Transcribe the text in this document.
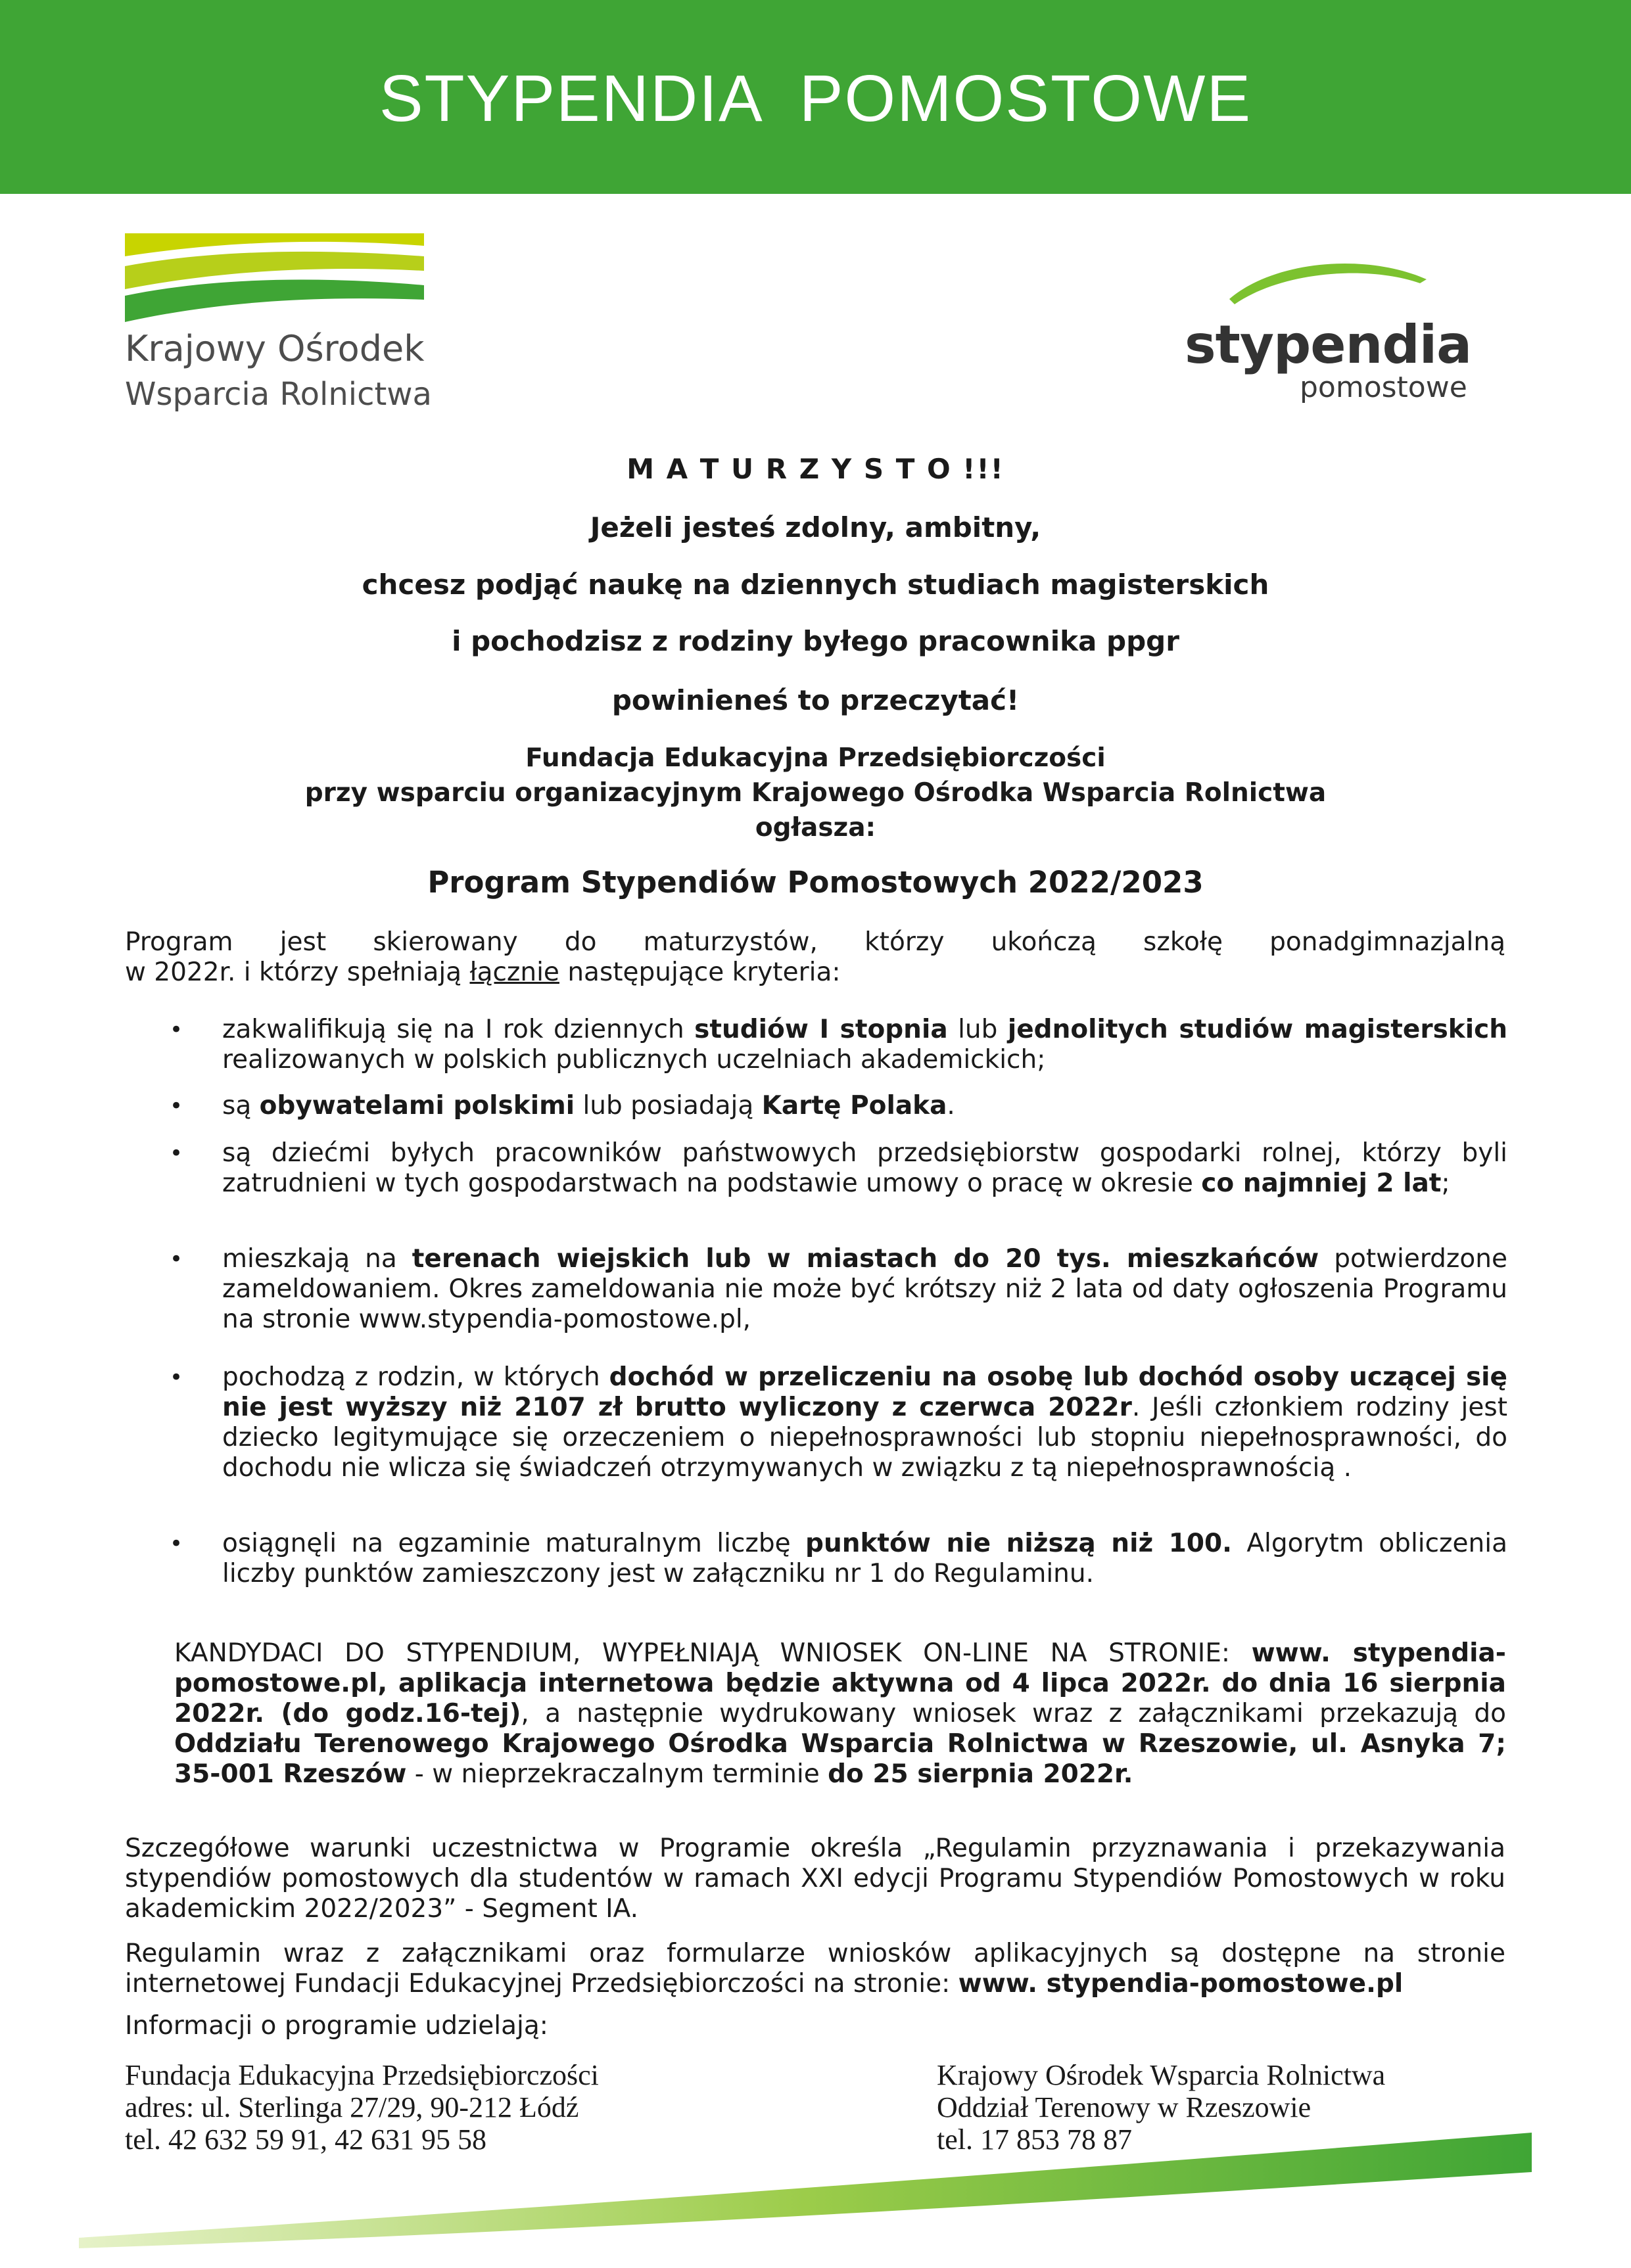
STYPENDIA  POMOSTOWE
Krajowy Ośrodek
Wsparcia Rolnictwa
stypendia
pomostowe
M A T U R Z Y S T O !!!
Jeżeli jesteś zdolny, ambitny,
chcesz podjąć naukę na dziennych studiach magisterskich
i pochodzisz z rodziny byłego pracownika ppgr
powinieneś to przeczytać!
Fundacja Edukacyjna Przedsiębiorczości
przy wsparciu organizacyjnym Krajowego Ośrodka Wsparcia Rolnictwa
ogłasza:
Program Stypendiów Pomostowych 2022/2023
Program jest skierowany do maturzystów, którzy ukończą szkołę ponadgimnazjalną
w 2022r. i którzy spełniają łącznie następujące kryteria:
• zakwalifikują się na I rok dziennych studiów I stopnia lub jednolitych studiów magisterskich realizowanych w polskich publicznych uczelniach akademickich;
• są obywatelami polskimi lub posiadają Kartę Polaka.
• są dziećmi byłych pracowników państwowych przedsiębiorstw gospodarki rolnej, którzy byli zatrudnieni w tych gospodarstwach na podstawie umowy o pracę w okresie co najmniej 2 lat;
• mieszkają na terenach wiejskich lub w miastach do 20 tys. mieszkańców potwierdzone zameldowaniem. Okres zameldowania nie może być krótszy niż 2 lata od daty ogłoszenia Programu na stronie www.stypendia-pomostowe.pl,
• pochodzą z rodzin, w których dochód w przeliczeniu na osobę lub dochód osoby uczącej się nie jest wyższy niż 2107 zł brutto wyliczony z czerwca 2022r. Jeśli członkiem rodziny jest dziecko legitymujące się orzeczeniem o niepełnosprawności lub stopniu niepełnosprawności, do dochodu nie wlicza się świadczeń otrzymywanych w związku z tą niepełnosprawnością .
• osiągnęli na egzaminie maturalnym liczbę punktów nie niższą niż 100. Algorytm obliczenia liczby punktów zamieszczony jest w załączniku nr 1 do Regulaminu.
KANDYDACI DO STYPENDIUM, WYPEŁNIAJĄ WNIOSEK ON-LINE NA STRONIE: www. stypendia-pomostowe.pl, aplikacja internetowa będzie aktywna od 4 lipca 2022r. do dnia 16 sierpnia 2022r. (do godz.16-tej), a następnie wydrukowany wniosek wraz z załącznikami przekazują do Oddziału Terenowego Krajowego Ośrodka Wsparcia Rolnictwa w Rzeszowie, ul. Asnyka 7; 35-001 Rzeszów - w nieprzekraczalnym terminie do 25 sierpnia 2022r.
Szczegółowe warunki uczestnictwa w Programie określa „Regulamin przyznawania i przekazywania stypendiów pomostowych dla studentów w ramach XXI edycji Programu Stypendiów Pomostowych w roku akademickim 2022/2023” - Segment IA.
Regulamin wraz z załącznikami oraz formularze wniosków aplikacyjnych są dostępne na stronie internetowej Fundacji Edukacyjnej Przedsiębiorczości na stronie: www. stypendia-pomostowe.pl
Informacji o programie udzielają:
Fundacja Edukacyjna Przedsiębiorczości
adres: ul. Sterlinga 27/29, 90-212 Łódź
tel. 42 632 59 91, 42 631 95 58
Krajowy Ośrodek Wsparcia Rolnictwa
Oddział Terenowy w Rzeszowie
tel. 17 853 78 87
